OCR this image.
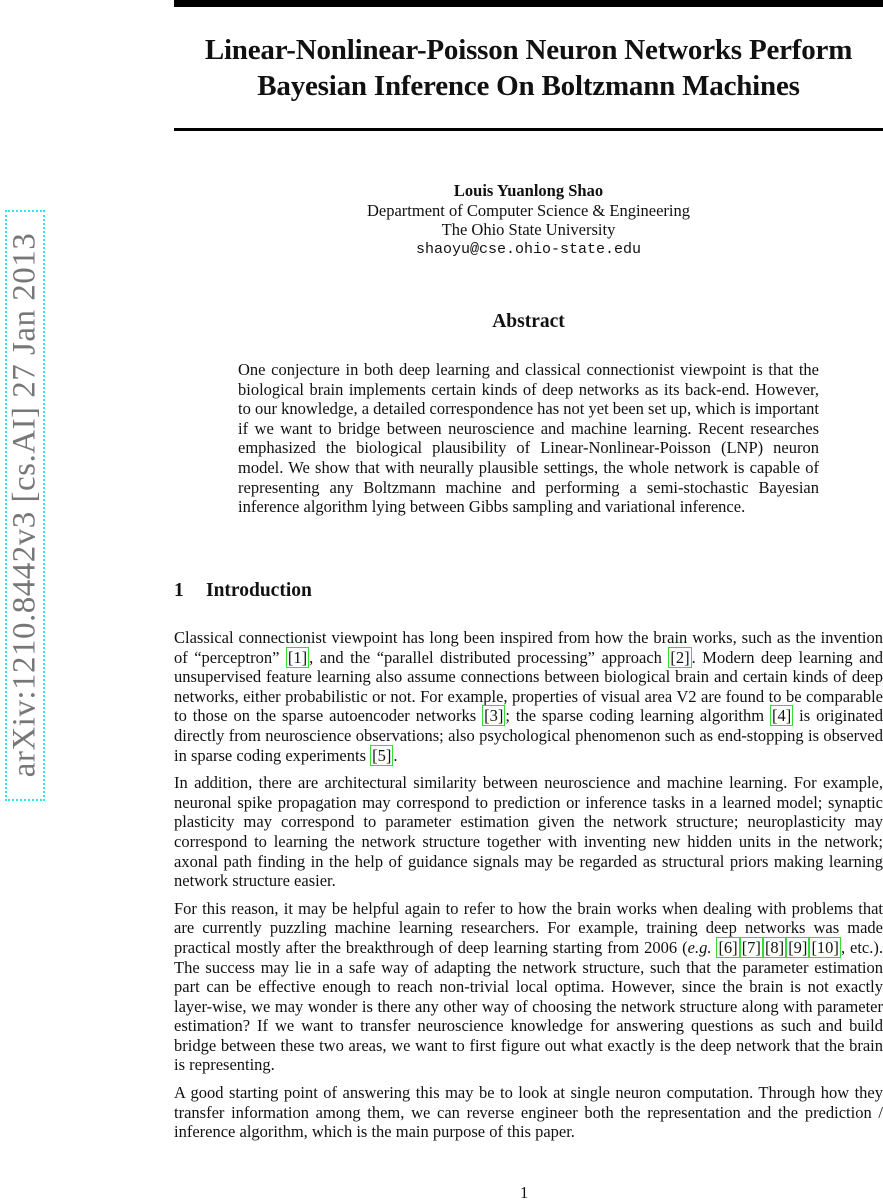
arXiv:1210.8442v3 [cs.AI] 27 Jan 2013
Linear-Nonlinear-Poisson Neuron Networks Perform
Bayesian Inference On Boltzmann Machines
Louis Yuanlong Shao
Department of Computer Science & Engineering
The Ohio State University
shaoyu@cse.ohio-state.edu
Abstract
One conjecture in both deep learning and classical connectionist viewpoint is that the biological brain implements certain kinds of deep networks as its back-end. However, to our knowledge, a detailed correspondence has not yet been set up, which is important if we want to bridge between neuroscience and machine learning. Recent researches emphasized the biological plausibility of Linear-Nonlinear-Poisson (LNP) neuron model. We show that with neurally plausible settings, the whole network is capable of representing any Boltzmann machine and performing a semi-stochastic Bayesian inference algorithm lying between Gibbs sampling and variational inference.
1 Introduction

Classical connectionist viewpoint has long been inspired from how the brain works, such as the invention of “perceptron” [1] , and the “parallel distributed processing” approach [2] . Modern deep learning and unsupervised feature learning also assume connections between biological brain and certain kinds of deep networks, either probabilistic or not. For example, properties of visual area V2 are found to be comparable to those on the sparse autoencoder networks [3] ; the sparse coding learning algorithm [4] is originated directly from neuroscience observations; also psychological phenomenon such as end-stopping is observed in sparse coding experiments [5] .

In addition, there are architectural similarity between neuroscience and machine learning. For example, neuronal spike propagation may correspond to prediction or inference tasks in a learned model; synaptic plasticity may correspond to parameter estimation given the network structure; neuroplasticity may correspond to learning the network structure together with inventing new hidden units in the network; axonal path finding in the help of guidance signals may be regarded as structural priors making learning network structure easier.

For this reason, it may be helpful again to refer to how the brain works when dealing with problems that are currently puzzling machine learning researchers. For example, training deep networks was made practical mostly after the breakthrough of deep learning starting from 2006 (e.g. [6] [7] [8] [9] [10] , etc.). The success may lie in a safe way of adapting the network structure, such that the parameter estimation part can be effective enough to reach non-trivial local optima. However, since the brain is not exactly layer-wise, we may wonder is there any other way of choosing the network structure along with parameter estimation? If we want to transfer neuroscience knowledge for answering questions as such and build bridge between these two areas, we want to first figure out what exactly is the deep network that the brain is representing.

A good starting point of answering this may be to look at single neuron computation. Through how they transfer information among them, we can reverse engineer both the representation and the prediction / inference algorithm, which is the main purpose of this paper.

1
